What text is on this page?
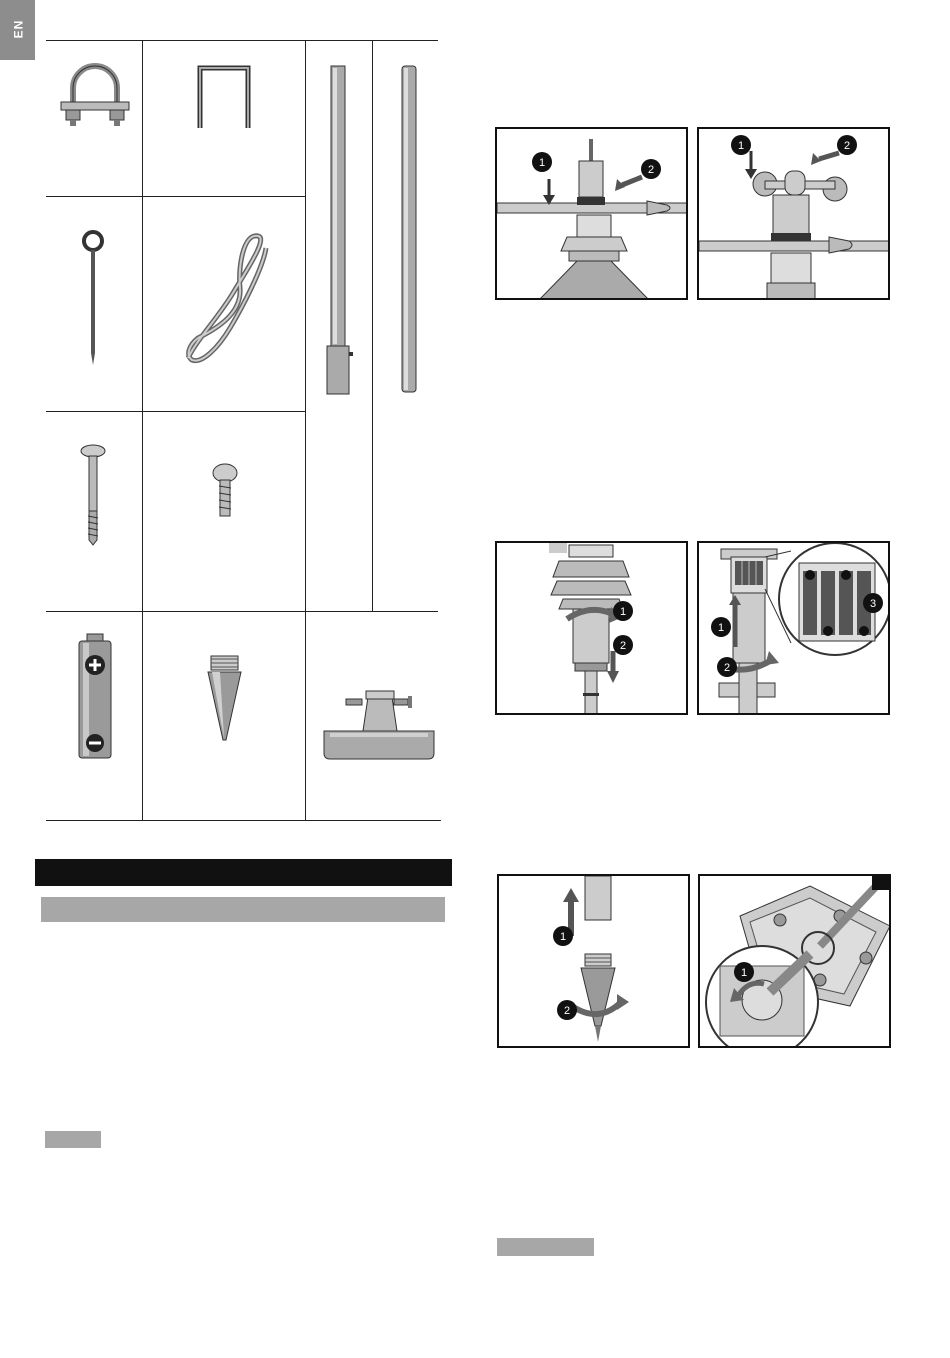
EN
1
2
1	2
1
2
1
2
3
1
2
1
